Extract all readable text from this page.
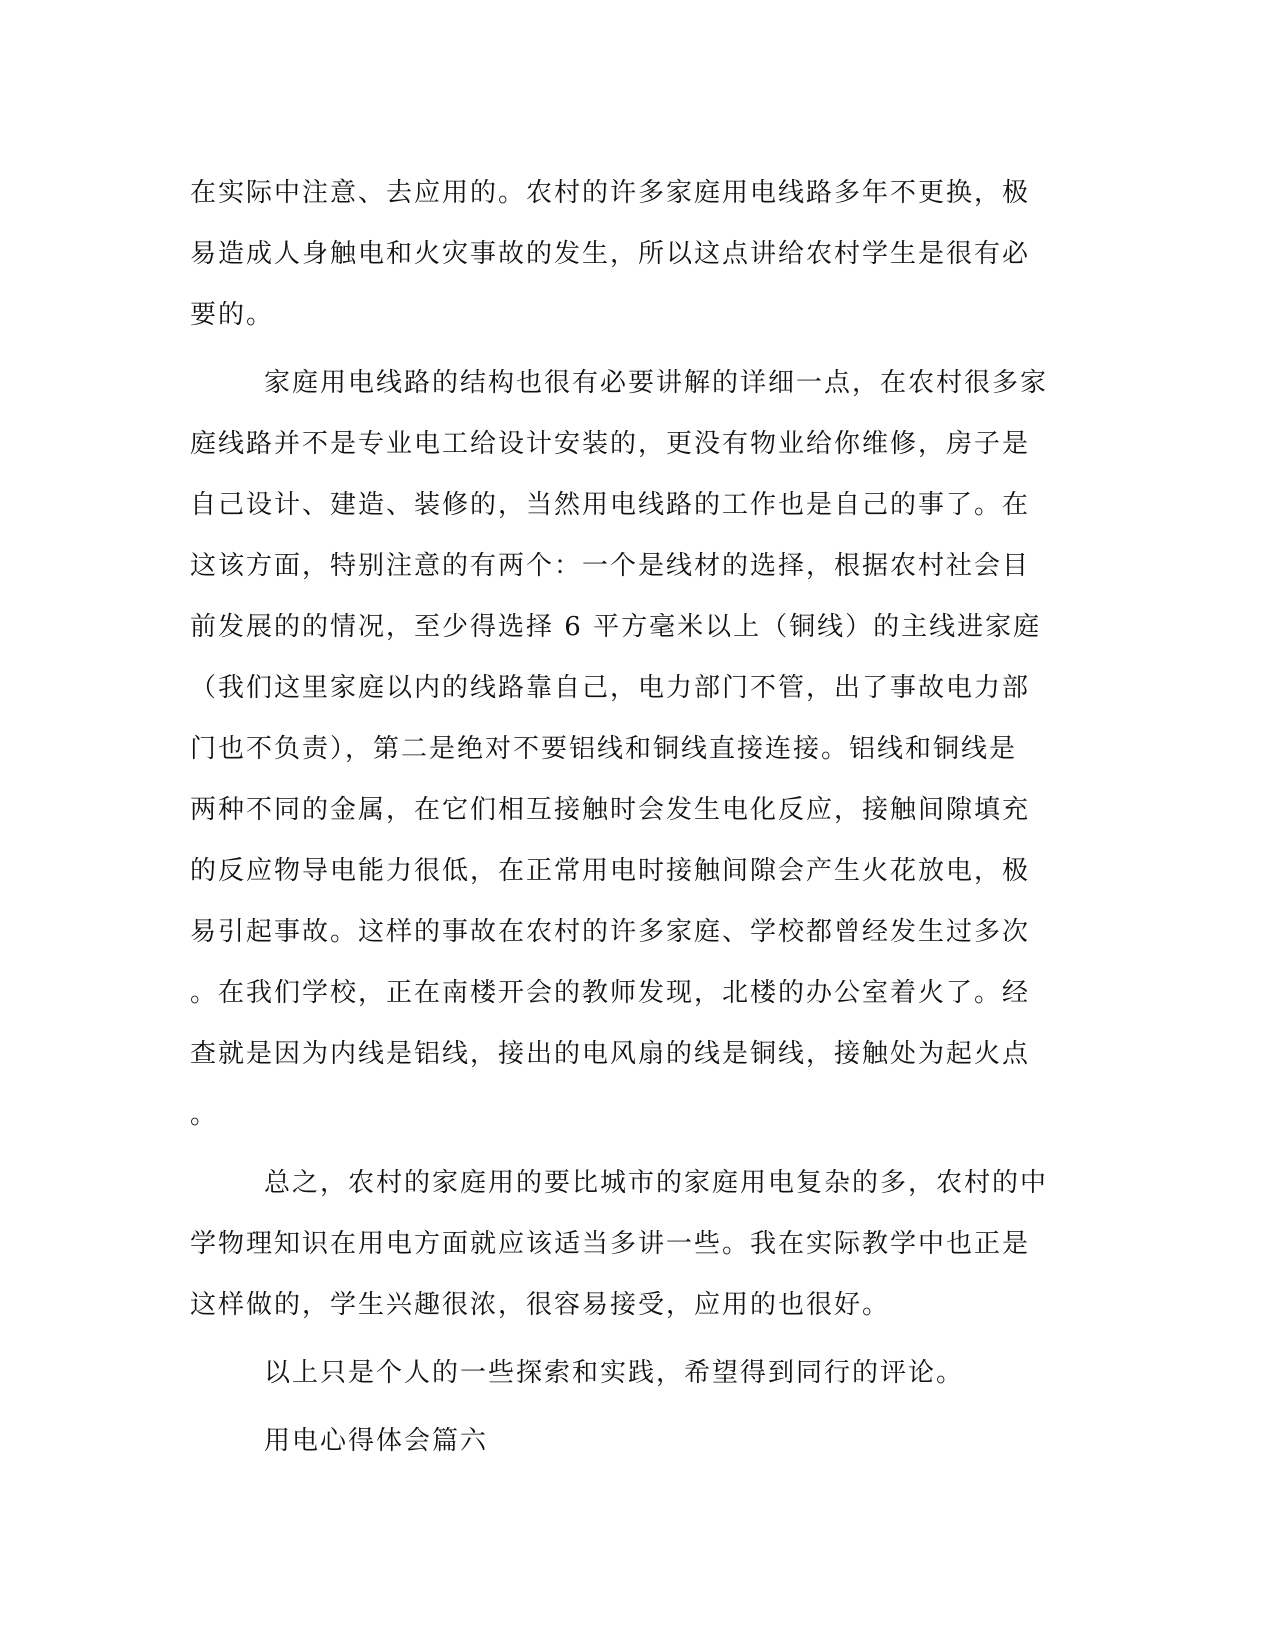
在实际中注意、去应用的。农村的许多家庭用电线路多年不更换，极
易造成人身触电和火灾事故的发生，所以这点讲给农村学生是很有必
要的。
家庭用电线路的结构也很有必要讲解的详细一点，在农村很多家
庭线路并不是专业电工给设计安装的，更没有物业给你维修，房子是
自己设计、建造、装修的，当然用电线路的工作也是自己的事了。在
这该方面，特别注意的有两个：一个是线材的选择，根据农村社会目
前发展的的情况，至少得选择 6 平方毫米以上（铜线）的主线进家庭
（我们这里家庭以内的线路靠自己，电力部门不管，出了事故电力部
门也不负责），第二是绝对不要铝线和铜线直接连接。铝线和铜线是
两种不同的金属，在它们相互接触时会发生电化反应，接触间隙填充
的反应物导电能力很低，在正常用电时接触间隙会产生火花放电，极
易引起事故。这样的事故在农村的许多家庭、学校都曾经发生过多次
。在我们学校，正在南楼开会的教师发现，北楼的办公室着火了。经
查就是因为内线是铝线，接出的电风扇的线是铜线，接触处为起火点
。
总之，农村的家庭用的要比城市的家庭用电复杂的多，农村的中
学物理知识在用电方面就应该适当多讲一些。我在实际教学中也正是
这样做的，学生兴趣很浓，很容易接受，应用的也很好。
以上只是个人的一些探索和实践，希望得到同行的评论。
用电心得体会篇六
